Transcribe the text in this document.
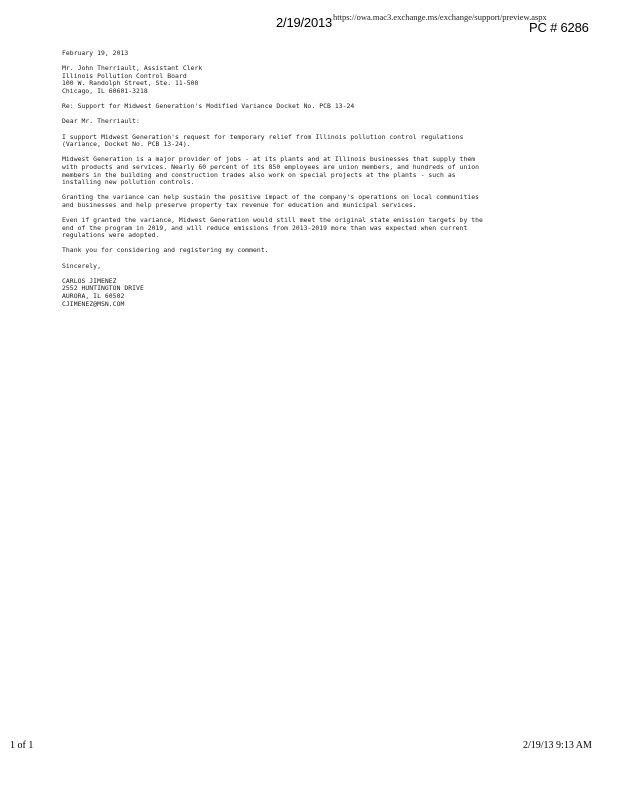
2/19/2013 https://owa.mac3.exchange.ms/exchange/support/preview.aspx
PC # 6286
February 19, 2013
Mr. John Therriault, Assistant Clerk
Illinois Pollution Control Board
100 W. Randolph Street, Ste. 11-500
Chicago, IL 60601-3218
Re: Support for Midwest Generation's Modified Variance Docket No. PCB 13-24
Dear Mr. Therriault:

I support Midwest Generation's request for temporary relief from Illinois pollution control regulations
(Variance, Docket No. PCB 13-24).

Midwest Generation is a major provider of jobs - at its plants and at Illinois businesses that supply them
with products and services. Nearly 60 percent of its 850 employees are union members, and hundreds of union
members in the building and construction trades also work on special projects at the plants - such as
installing new pollution controls.

Granting the variance can help sustain the positive impact of the company's operations on local communities
and businesses and help preserve property tax revenue for education and municipal services.

Even if granted the variance, Midwest Generation would still meet the original state emission targets by the
end of the program in 2019, and will reduce emissions from 2013-2019 more than was expected when current
regulations were adopted.

Thank you for considering and registering my comment.

Sincerely,
CARLOS JIMENEZ
2552 HUNTINGTON DRIVE
AURORA, IL 60502
CJIMENEZ@MSN.COM
1 of 1	2/19/13 9:13 AM
